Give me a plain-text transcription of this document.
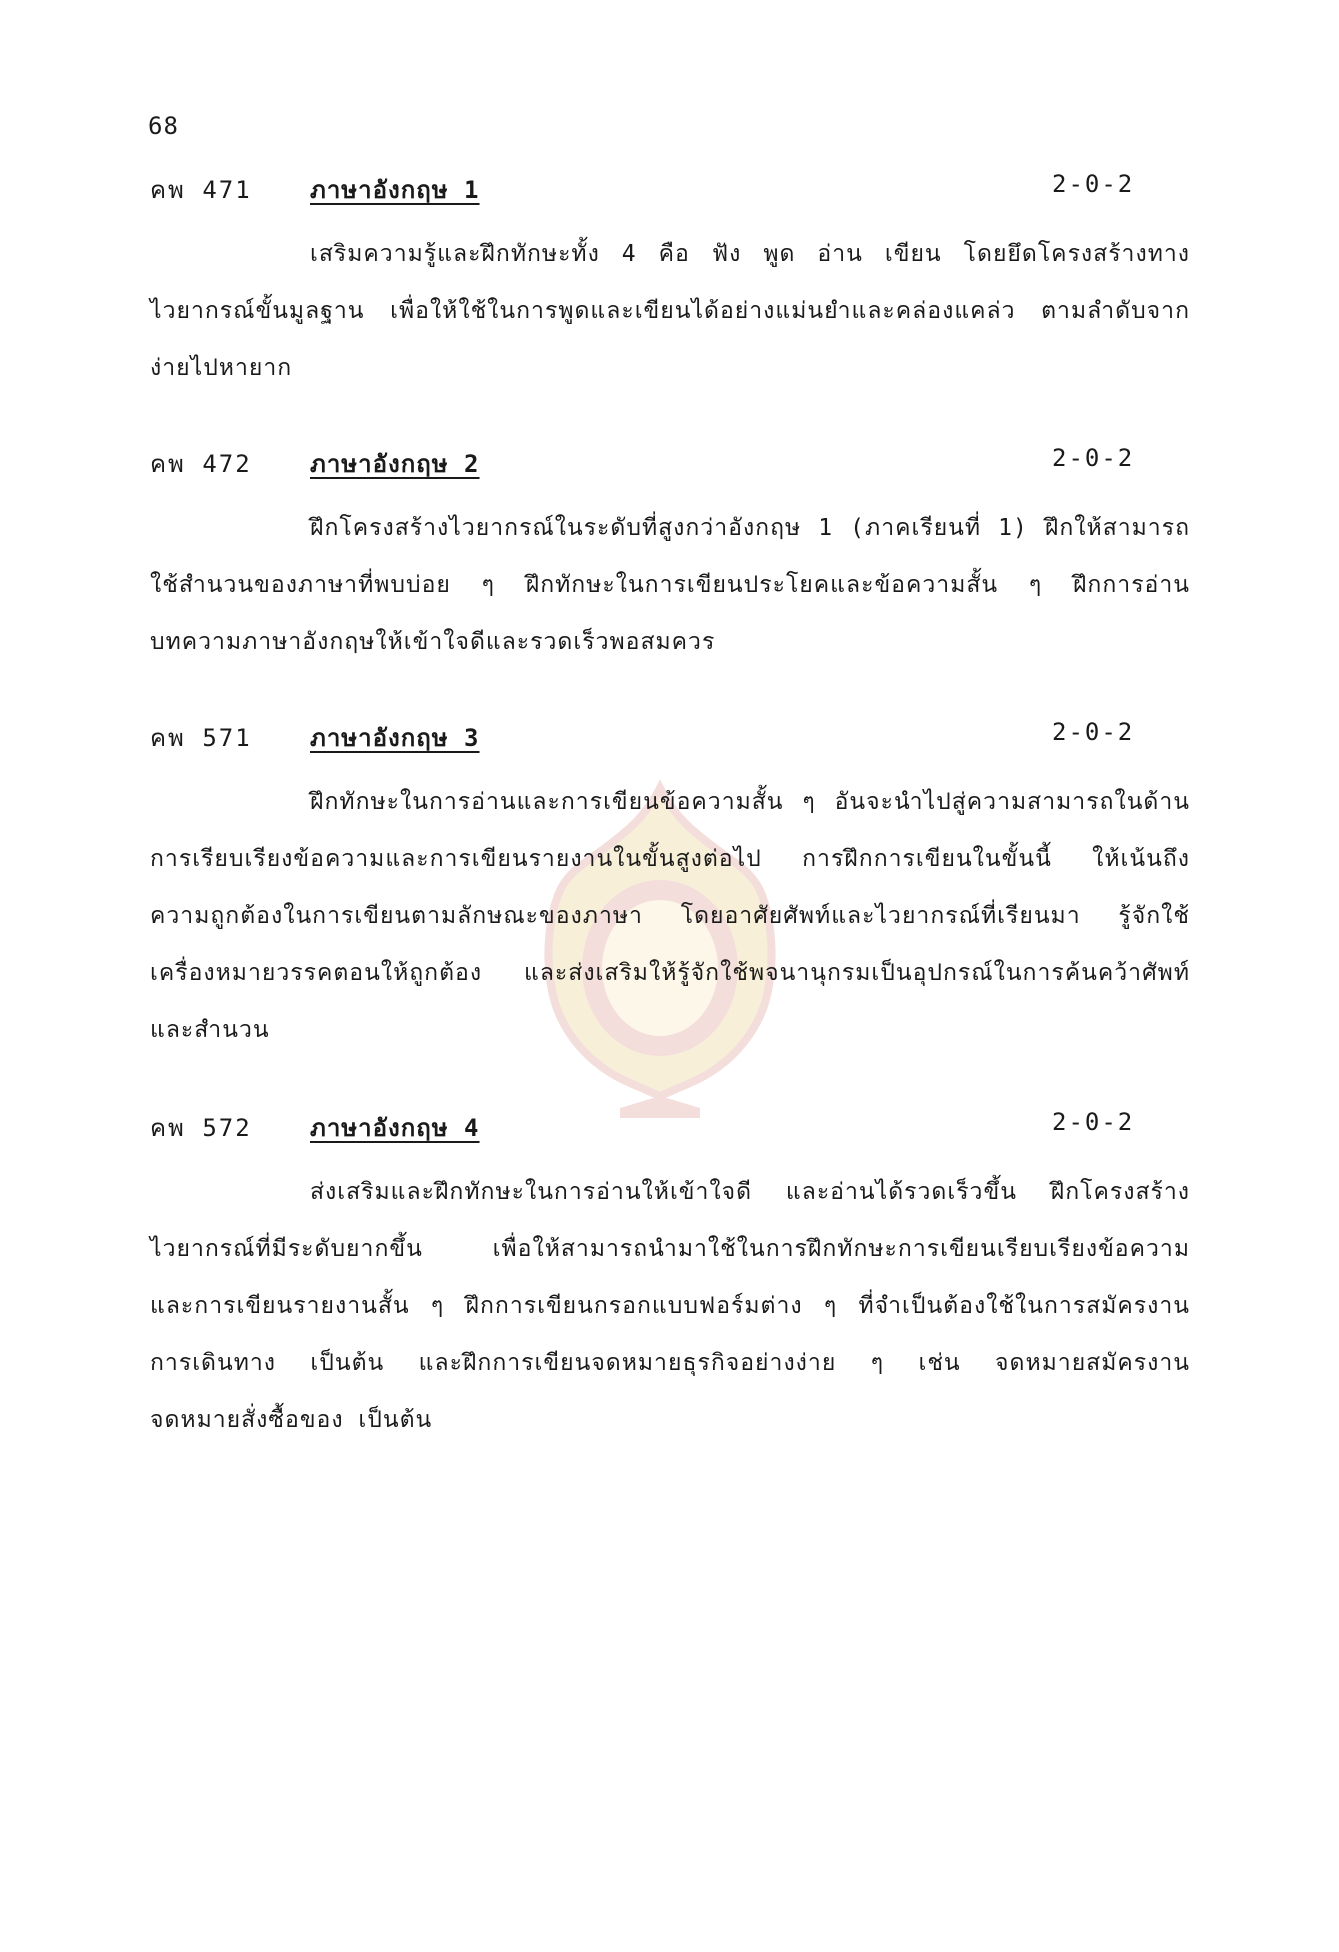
68
คพ 471 ภาษาอังกฤษ 1	2-0-2
เสริมความรู้และฝึกทักษะทั้ง 4 คือ ฟัง พูด อ่าน เขียน โดยยึดโครงสร้างทางไวยากรณ์ขั้นมูลฐาน เพื่อให้ใช้ในการพูดและเขียนได้อย่างแม่นยำและคล่องแคล่ว ตามลำดับจากง่ายไปหายาก
คพ 472 ภาษาอังกฤษ 2	2-0-2
ฝึกโครงสร้างไวยากรณ์ในระดับที่สูงกว่าอังกฤษ 1 (ภาคเรียนที่ 1) ฝึกให้สามารถใช้สำนวนของภาษาที่พบบ่อย ๆ ฝึกทักษะในการเขียนประโยคและข้อความสั้น ๆ ฝึกการอ่านบทความภาษาอังกฤษให้เข้าใจดีและรวดเร็วพอสมควร
คพ 571 ภาษาอังกฤษ 3	2-0-2
ฝึกทักษะในการอ่านและการเขียนข้อความสั้น ๆ อันจะนำไปสู่ความสามารถในด้านการเรียบเรียงข้อความและการเขียนรายงานในขั้นสูงต่อไป การฝึกการเขียนในขั้นนี้ ให้เน้นถึงความถูกต้องในการเขียนตามลักษณะของภาษา โดยอาศัยศัพท์และไวยากรณ์ที่เรียนมา รู้จักใช้เครื่องหมายวรรคตอนให้ถูกต้อง และส่งเสริมให้รู้จักใช้พจนานุกรมเป็นอุปกรณ์ในการค้นคว้าศัพท์และสำนวน
คพ 572 ภาษาอังกฤษ 4	2-0-2
ส่งเสริมและฝึกทักษะในการอ่านให้เข้าใจดี และอ่านได้รวดเร็วขึ้น ฝึกโครงสร้างไวยากรณ์ที่มีระดับยากขึ้น เพื่อให้สามารถนำมาใช้ในการฝึกทักษะการเขียนเรียบเรียงข้อความ และการเขียนรายงานสั้น ๆ ฝึกการเขียนกรอกแบบฟอร์มต่าง ๆ ที่จำเป็นต้องใช้ในการสมัครงาน การเดินทาง เป็นต้น และฝึกการเขียนจดหมายธุรกิจอย่างง่าย ๆ เช่น จดหมายสมัครงาน จดหมายสั่งซื้อของ เป็นต้น
